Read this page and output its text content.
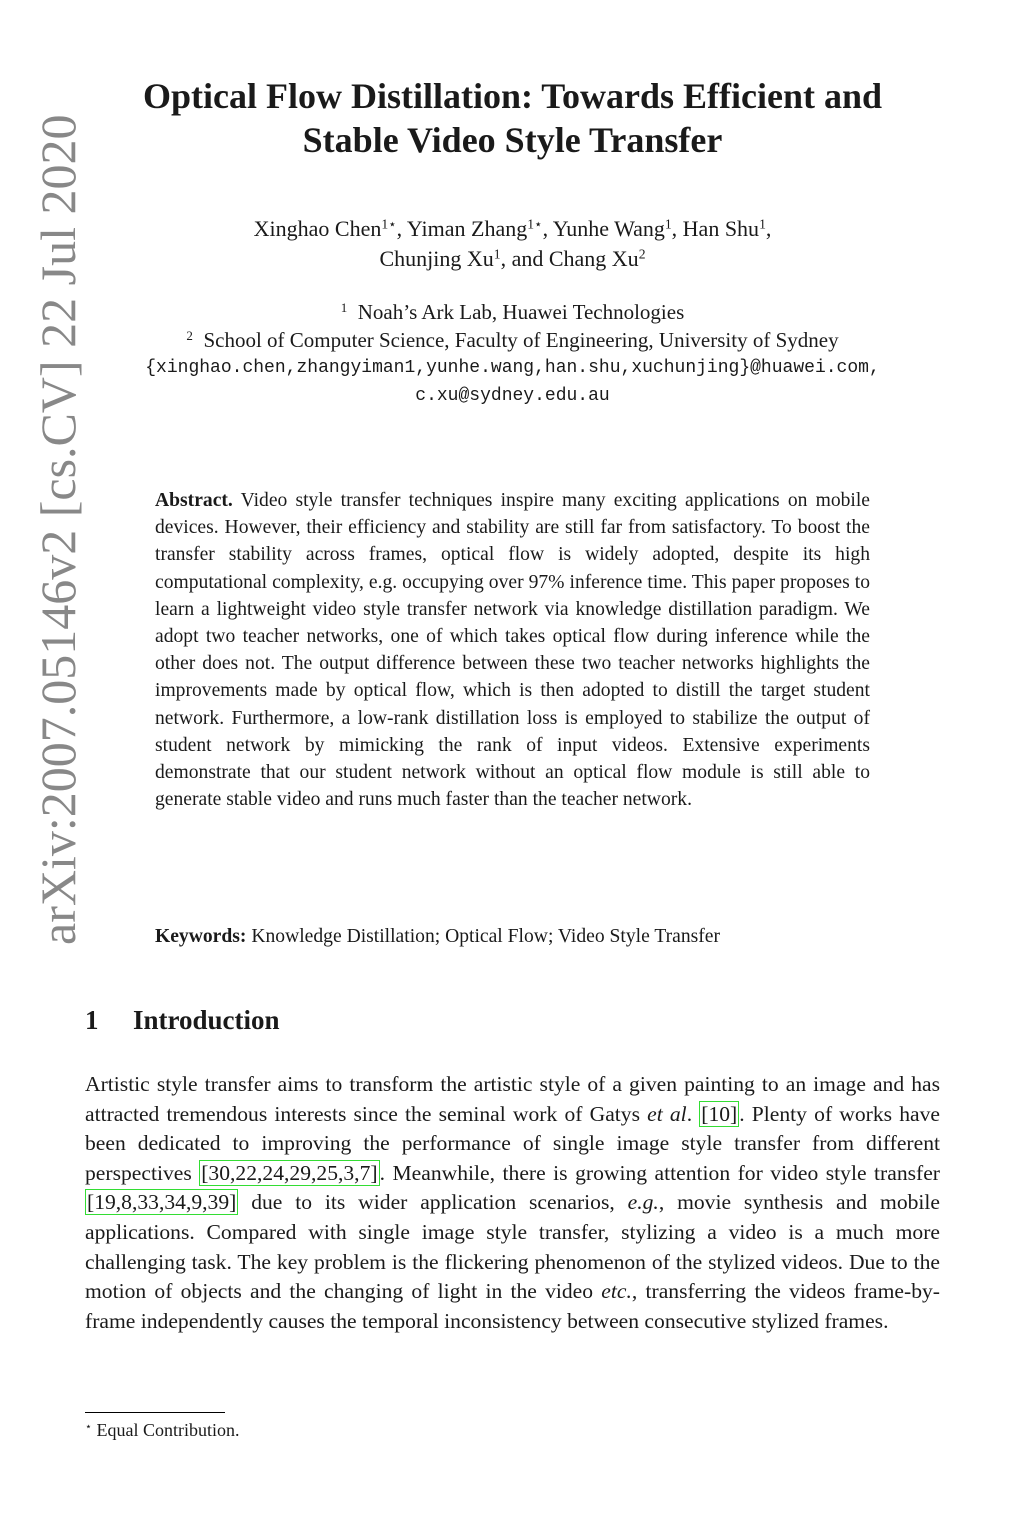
arXiv:2007.05146v2 [cs.CV] 22 Jul 2020
Optical Flow Distillation: Towards Efficient and
Stable Video Style Transfer
Xinghao Chen$^{1⋆}$, Yiman Zhang$^{1⋆}$, Yunhe Wang$^1$, Han Shu$^1$,
Chunjing Xu$^1$, and Chang Xu$^2$
$^1$ Noah’s Ark Lab, Huawei Technologies
$^2$ School of Computer Science, Faculty of Engineering, University of Sydney
{xinghao.chen,zhangyiman1,yunhe.wang,han.shu,xuchunjing}@huawei.com,
c.xu@sydney.edu.au
Abstract. Video style transfer techniques inspire many exciting applications on mobile devices. However, their efficiency and stability are still far from satisfactory. To boost the transfer stability across frames, optical flow is widely adopted, despite its high computational complexity, e.g. occupying over 97% inference time. This paper proposes to learn a lightweight video style transfer network via knowledge distillation paradigm. We adopt two teacher networks, one of which takes optical flow during inference while the other does not. The output difference between these two teacher networks highlights the improvements made by optical flow, which is then adopted to distill the target student network. Furthermore, a low-rank distillation loss is employed to stabilize the output of student network by mimicking the rank of input videos. Extensive experiments demonstrate that our student network without an optical flow module is still able to generate stable video and runs much faster than the teacher network.
Keywords: Knowledge Distillation; Optical Flow; Video Style Transfer
1 Introduction
Artistic style transfer aims to transform the artistic style of a given painting to an image and has attracted tremendous interests since the seminal work of Gatys et al. [10]. Plenty of works have been dedicated to improving the performance of single image style transfer from different perspectives [30,22,24,29,25,3,7]. Meanwhile, there is growing attention for video style transfer [19,8,33,34,9,39] due to its wider application scenarios, e.g., movie synthesis and mobile applications. Compared with single image style transfer, stylizing a video is a much more challenging task. The key problem is the flickering phenomenon of the stylized videos. Due to the motion of objects and the changing of light in the video etc., transferring the videos frame-by-frame independently causes the temporal inconsistency between consecutive stylized frames.
⋆ Equal Contribution.
